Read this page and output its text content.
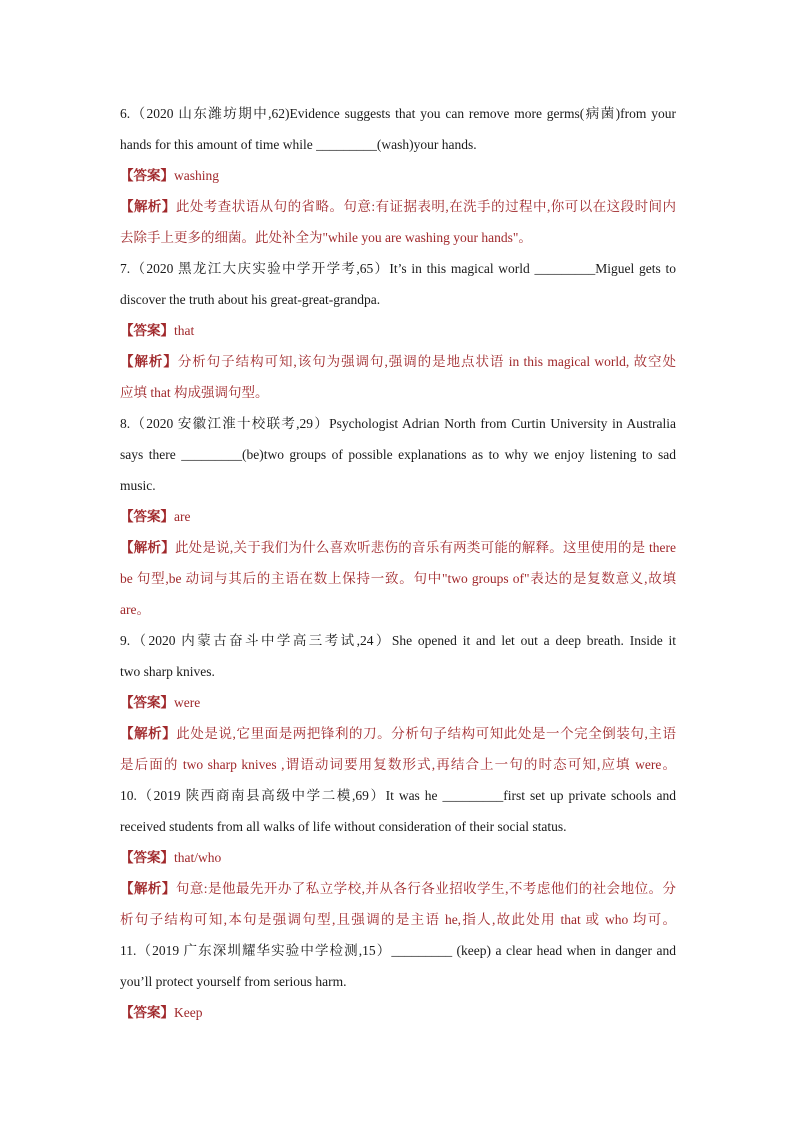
6.（2020 山东潍坊期中,62)Evidence suggests that you can remove more germs(病菌)from your
hands for this amount of time while _________(wash)your hands.
【答案】washing
【解析】此处考查状语从句的省略。句意:有证据表明,在洗手的过程中,你可以在这段时间内
去除手上更多的细菌。此处补全为"while you are washing your hands"。
7.（2020 黑龙江大庆实验中学开学考,65）It’s in this magical world _________Miguel gets to
discover the truth about his great-great-grandpa.
【答案】that
【解析】分析句子结构可知,该句为强调句,强调的是地点状语 in this magical world, 故空处
应填 that 构成强调句型。
8.（2020 安徽江淮十校联考,29）Psychologist Adrian North from Curtin University in Australia
says there _________(be)two groups of possible explanations as to why we enjoy listening to sad
music.
【答案】are
【解析】此处是说,关于我们为什么喜欢听悲伤的音乐有两类可能的解释。这里使用的是 there
be 句型,be 动词与其后的主语在数上保持一致。句中"two groups of"表达的是复数意义,故填
are。
9.（2020 内蒙古奋斗中学高三考试,24）She opened it and let out a deep breath. Inside it
two sharp knives.
【答案】were
【解析】此处是说,它里面是两把锋利的刀。分析句子结构可知此处是一个完全倒装句,主语
是后面的 two sharp knives ,谓语动词要用复数形式,再结合上一句的时态可知,应填 were。
10.（2019 陕西商南县高级中学二模,69）It was he _________first set up private schools and
received students from all walks of life without consideration of their social status.
【答案】that/who
【解析】句意:是他最先开办了私立学校,并从各行各业招收学生,不考虑他们的社会地位。分
析句子结构可知,本句是强调句型,且强调的是主语 he,指人,故此处用 that 或 who 均可。
11.（2019 广东深圳耀华实验中学检测,15）_________ (keep) a clear head when in danger and
you’ll protect yourself from serious harm.
【答案】Keep
